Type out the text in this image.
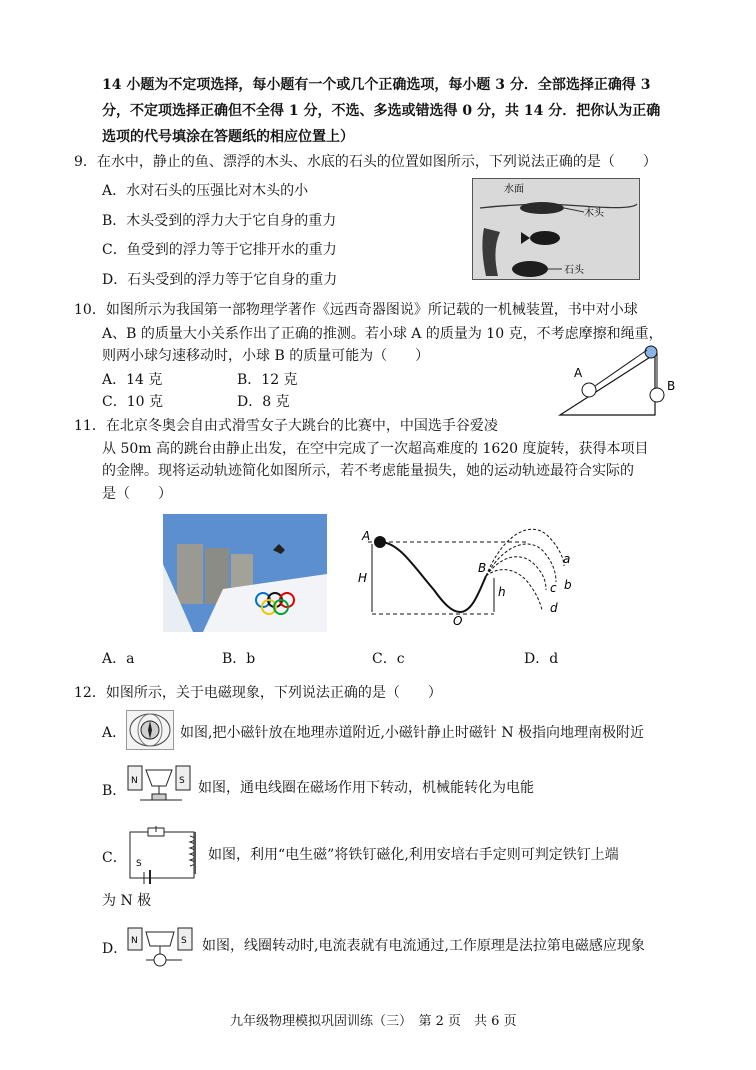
14 小题为不定项选择，每小题有一个或几个正确选项，每小题 3 分．全部选择正确得 3
分，不定项选择正确但不全得 1 分，不选、多选或错选得 0 分，共 14 分．把你认为正确
选项的代号填涂在答题纸的相应位置上）
9．在水中，静止的鱼、漂浮的木头、水底的石头的位置如图所示，下列说法正确的是（　　）
A．水对石头的压强比对木头的小
B．木头受到的浮力大于它自身的重力
C．鱼受到的浮力等于它排开水的重力
D．石头受到的浮力等于它自身的重力
水面
木头
石头
10．如图所示为我国第一部物理学著作《远西奇器图说》所记载的一机械装置，书中对小球
A、B 的质量大小关系作出了正确的推测。若小球 A 的质量为 10 克，不考虑摩擦和绳重，
则两小球匀速移动时，小球 B 的质量可能为（　　）
A．14 克	B．12 克
C．10 克	D．8 克
A
B
11．在北京冬奥会自由式滑雪女子大跳台的比赛中，中国选手谷爱凌
从 50m 高的跳台由静止出发，在空中完成了一次超高难度的 1620 度旋转，获得本项目
的金牌。现将运动轨迹简化如图所示，若不考虑能量损失，她的运动轨迹最符合实际的
是（　　）
A
H
B
h
O
a
b
c
d
A．a	B．b	C．c	D．d
12．如图所示，关于电磁现象，下列说法正确的是（　　）
A．	如图,把小磁针放在地理赤道附近,小磁针静止时磁针 N 极指向地理南极附近
B．
N	S 如图，通电线圈在磁场作用下转动，机械能转化为电能
C． S
如图，利用“电生磁”将铁钉磁化,利用安培右手定则可判定铁钉上端
为 N 极
D． N	S 如图，线圈转动时,电流表就有电流通过,工作原理是法拉第电磁感应现象
九年级物理模拟巩固训练（三）　第 2 页　共 6 页
